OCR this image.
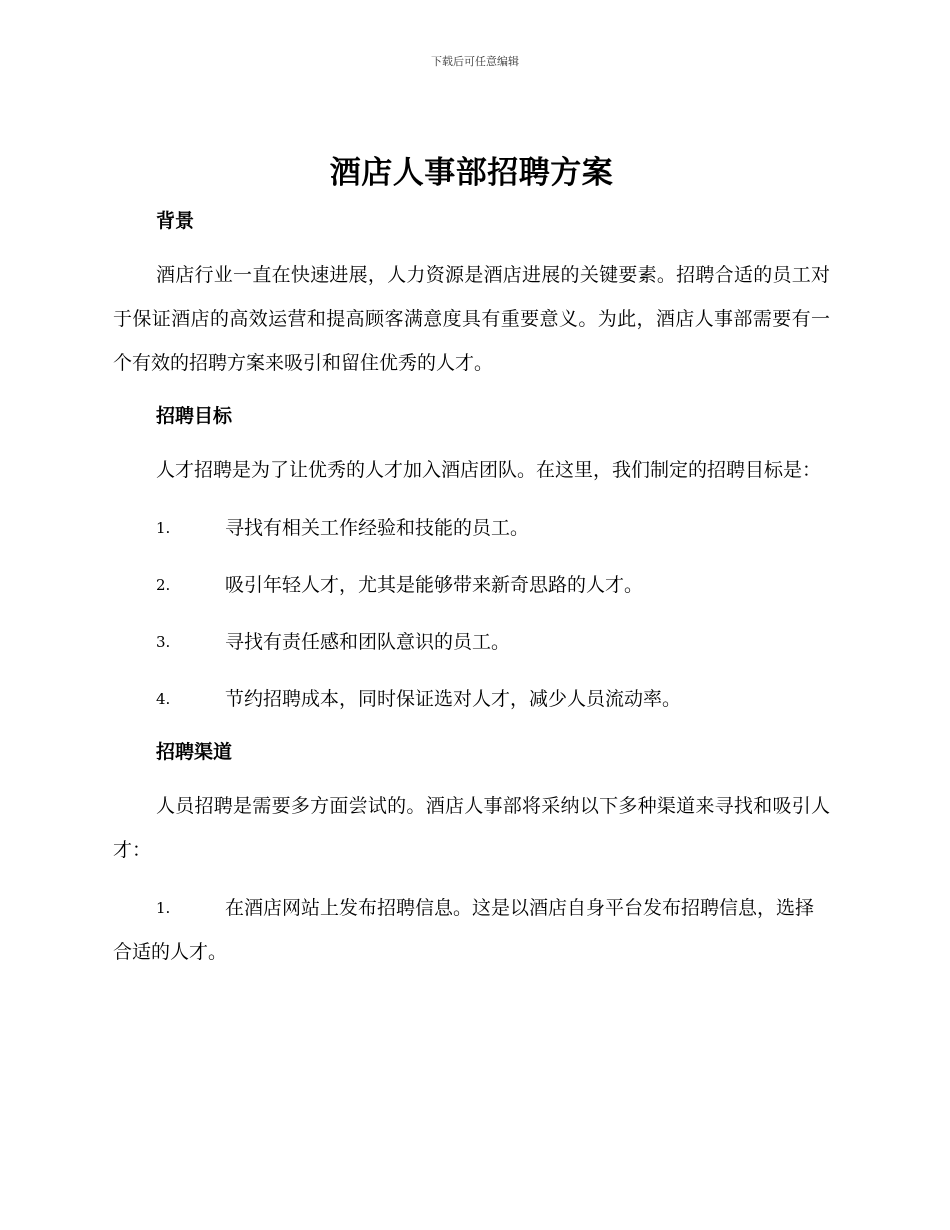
下载后可任意编辑
酒店人事部招聘方案
背景

酒店行业一直在快速进展，人力资源是酒店进展的关键要素。招聘合适的员工对于保证酒店的高效运营和提高顾客满意度具有重要意义。为此，酒店人事部需要有一个有效的招聘方案来吸引和留住优秀的人才。

招聘目标

人才招聘是为了让优秀的人才加入酒店团队。在这里，我们制定的招聘目标是：

1.	寻找有相关工作经验和技能的员工。
2.	吸引年轻人才，尤其是能够带来新奇思路的人才。
3.	寻找有责任感和团队意识的员工。
4.	节约招聘成本，同时保证选对人才，减少人员流动率。
招聘渠道

人员招聘是需要多方面尝试的。酒店人事部将采纳以下多种渠道来寻找和吸引人才：

1.	在酒店网站上发布招聘信息。这是以酒店自身平台发布招聘信息，选择合适的人才。
